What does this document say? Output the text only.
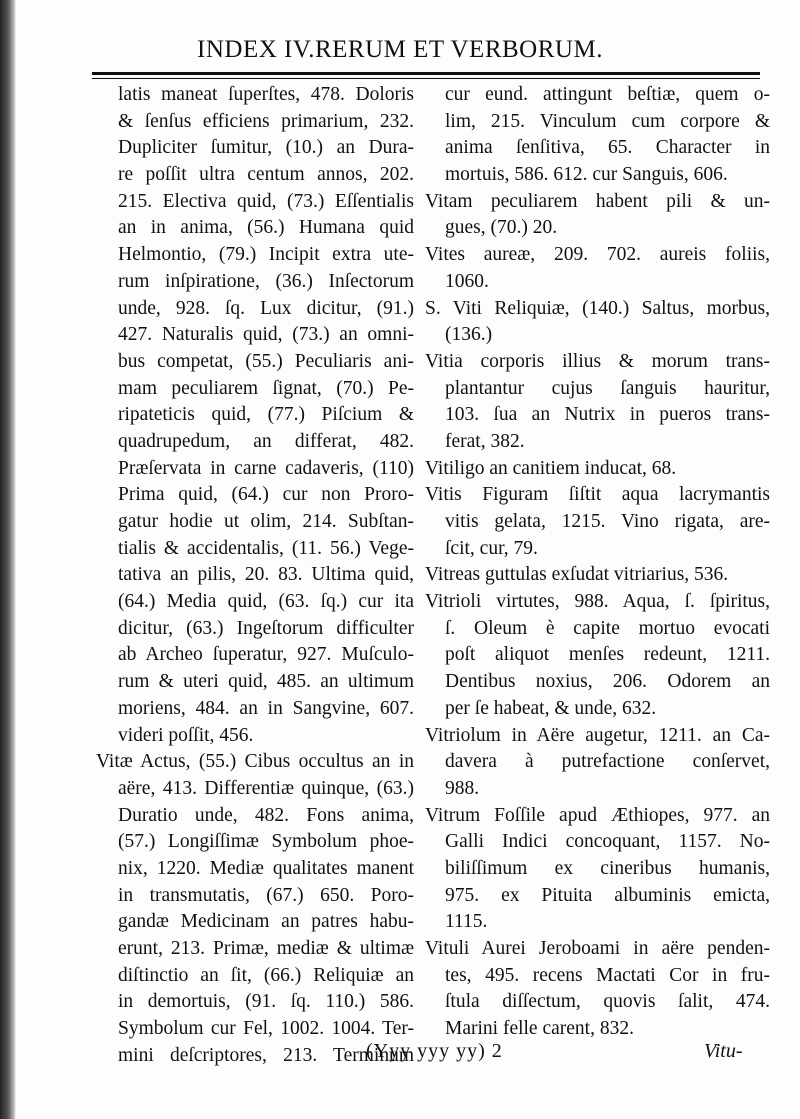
INDEX IV.RERUM ET VERBORUM.
latis maneat ſuperſtes, 478. Doloris
& ſenſus efficiens primarium, 232.
Dupliciter ſumitur, (10.) an Dura-
re poſſit ultra centum annos, 202.
215. Electiva quid, (73.) Eſſentialis
an in anima, (56.) Humana quid
Helmontio, (79.) Incipit extra ute-
rum inſpiratione, (36.) Inſectorum
unde, 928. ſq. Lux dicitur, (91.)
427. Naturalis quid, (73.) an omni-
bus competat, (55.) Peculiaris ani-
mam peculiarem ſignat, (70.) Pe-
ripateticis quid, (77.) Piſcium &
quadrupedum, an differat, 482.
Præſervata in carne cadaveris, (110)
Prima quid, (64.) cur non Proro-
gatur hodie ut olim, 214. Subſtan-
tialis & accidentalis, (11. 56.) Vege-
tativa an pilis, 20. 83. Ultima quid,
(64.) Media quid, (63. ſq.) cur ita
dicitur, (63.) Ingeſtorum difficulter
ab Archeo ſuperatur, 927. Muſculo-
rum & uteri quid, 485. an ultimum
moriens, 484. an in Sangvine, 607.
videri poſſit, 456.
Vitæ Actus, (55.) Cibus occultus an in
aëre, 413. Differentiæ quinque, (63.)
Duratio unde, 482. Fons anima,
(57.) Longiſſimæ Symbolum phoe-
nix, 1220. Mediæ qualitates manent
in transmutatis, (67.) 650. Poro-
gandæ Medicinam an patres habu-
erunt, 213. Primæ, mediæ & ultimæ
diſtinctio an ſit, (66.) Reliquiæ an
in demortuis, (91. ſq. 110.) 586.
Symbolum cur Fel, 1002. 1004. Ter-
mini deſcriptores, 213. Terminum
cur eund. attingunt beſtiæ, quem o-
lim, 215. Vinculum cum corpore &
anima ſenſitiva, 65. Character in
mortuis, 586. 612. cur Sanguis, 606.
Vitam peculiarem habent pili & un-
gues, (70.) 20.
Vites aureæ, 209. 702. aureis foliis,
1060.
S. Viti Reliquiæ, (140.) Saltus, morbus,
(136.)
Vitia corporis illius & morum trans-
plantantur cujus ſanguis hauritur,
103. ſua an Nutrix in pueros trans-
ferat, 382.
Vitiligo an canitiem inducat, 68.
Vitis Figuram ſiſtit aqua lacrymantis
vitis gelata, 1215. Vino rigata, are-
ſcit, cur, 79.
Vitreas guttulas exſudat vitriarius, 536.
Vitrioli virtutes, 988. Aqua, ſ. ſpiritus,
ſ. Oleum è capite mortuo evocati
poſt aliquot menſes redeunt, 1211.
Dentibus noxius, 206. Odorem an
per ſe habeat, & unde, 632.
Vitriolum in Aëre augetur, 1211. an Ca-
davera à putrefactione conſervet,
988.
Vitrum Foſſile apud Æthiopes, 977. an
Galli Indici concoquant, 1157. No-
biliſſimum ex cineribus humanis,
975. ex Pituita albuminis emicta,
1115.
Vituli Aurei Jeroboami in aëre penden-
tes, 495. recens Mactati Cor in fru-
ſtula diſſectum, quovis ſalit, 474.
Marini felle carent, 832.
(Yyy yyy yy) 2	Vitu-
